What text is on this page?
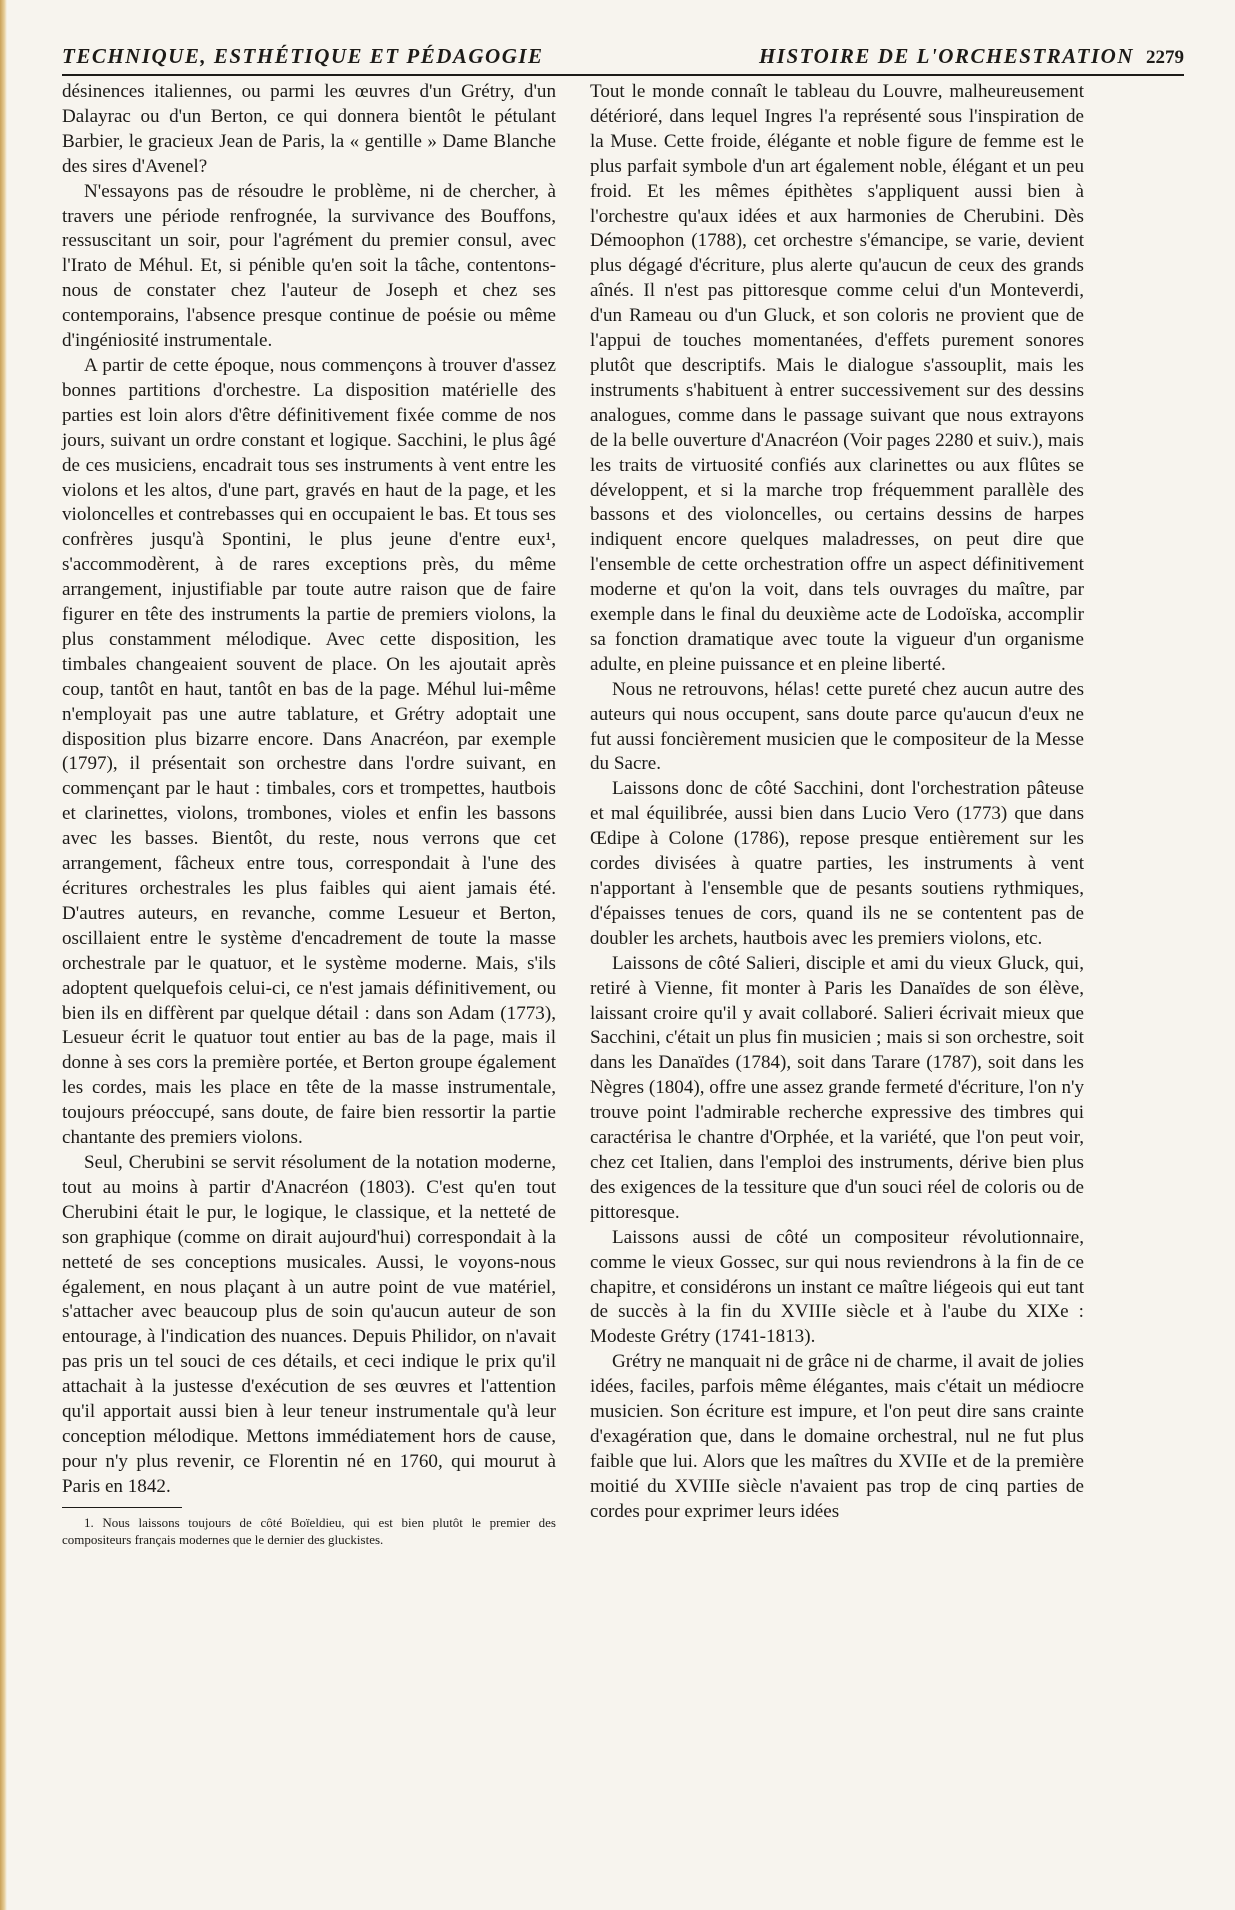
TECHNIQUE, ESTHÉTIQUE ET PÉDAGOGIE	HISTOIRE DE L'ORCHESTRATION 2279

désinences italiennes, ou parmi les œuvres d'un Grétry, d'un Dalayrac ou d'un Berton, ce qui donnera bientôt le pétulant Barbier, le gracieux Jean de Paris, la « gentille » Dame Blanche des sires d'Avenel?

N'essayons pas de résoudre le problème, ni de chercher, à travers une période renfrognée, la survivance des Bouffons, ressuscitant un soir, pour l'agrément du premier consul, avec l'Irato de Méhul. Et, si pénible qu'en soit la tâche, contentons-nous de constater chez l'auteur de Joseph et chez ses contemporains, l'absence presque continue de poésie ou même d'ingéniosité instrumentale.

A partir de cette époque, nous commençons à trouver d'assez bonnes partitions d'orchestre. La disposition matérielle des parties est loin alors d'être définitivement fixée comme de nos jours, suivant un ordre constant et logique. Sacchini, le plus âgé de ces musiciens, encadrait tous ses instruments à vent entre les violons et les altos, d'une part, gravés en haut de la page, et les violoncelles et contrebasses qui en occupaient le bas. Et tous ses confrères jusqu'à Spontini, le plus jeune d'entre eux¹, s'accommodèrent, à de rares exceptions près, du même arrangement, injustifiable par toute autre raison que de faire figurer en tête des instruments la partie de premiers violons, la plus constamment mélodique. Avec cette disposition, les timbales changeaient souvent de place. On les ajoutait après coup, tantôt en haut, tantôt en bas de la page. Méhul lui-même n'employait pas une autre tablature, et Grétry adoptait une disposition plus bizarre encore. Dans Anacréon, par exemple (1797), il présentait son orchestre dans l'ordre suivant, en commençant par le haut : timbales, cors et trompettes, hautbois et clarinettes, violons, trombones, violes et enfin les bassons avec les basses. Bientôt, du reste, nous verrons que cet arrangement, fâcheux entre tous, correspondait à l'une des écritures orchestrales les plus faibles qui aient jamais été. D'autres auteurs, en revanche, comme Lesueur et Berton, oscillaient entre le système d'encadrement de toute la masse orchestrale par le quatuor, et le système moderne. Mais, s'ils adoptent quelquefois celui-ci, ce n'est jamais définitivement, ou bien ils en diffèrent par quelque détail : dans son Adam (1773), Lesueur écrit le quatuor tout entier au bas de la page, mais il donne à ses cors la première portée, et Berton groupe également les cordes, mais les place en tête de la masse instrumentale, toujours préoccupé, sans doute, de faire bien ressortir la partie chantante des premiers violons.

Seul, Cherubini se servit résolument de la notation moderne, tout au moins à partir d'Anacréon (1803). C'est qu'en tout Cherubini était le pur, le logique, le classique, et la netteté de son graphique (comme on dirait aujourd'hui) correspondait à la netteté de ses conceptions musicales. Aussi, le voyons-nous également, en nous plaçant à un autre point de vue matériel, s'attacher avec beaucoup plus de soin qu'aucun auteur de son entourage, à l'indication des nuances. Depuis Philidor, on n'avait pas pris un tel souci de ces détails, et ceci indique le prix qu'il attachait à la justesse d'exécution de ses œuvres et l'attention qu'il apportait aussi bien à leur teneur instrumentale qu'à leur conception mélodique. Mettons immédiatement hors de cause, pour n'y plus revenir, ce Florentin né en 1760, qui mourut à Paris en 1842.

1. Nous laissons toujours de côté Boïeldieu, qui est bien plutôt le premier des compositeurs français modernes que le dernier des gluckistes.

Tout le monde connaît le tableau du Louvre, malheureusement détérioré, dans lequel Ingres l'a représenté sous l'inspiration de la Muse. Cette froide, élégante et noble figure de femme est le plus parfait symbole d'un art également noble, élégant et un peu froid. Et les mêmes épithètes s'appliquent aussi bien à l'orchestre qu'aux idées et aux harmonies de Cherubini. Dès Démoophon (1788), cet orchestre s'émancipe, se varie, devient plus dégagé d'écriture, plus alerte qu'aucun de ceux des grands aînés. Il n'est pas pittoresque comme celui d'un Monteverdi, d'un Rameau ou d'un Gluck, et son coloris ne provient que de l'appui de touches momentanées, d'effets purement sonores plutôt que descriptifs. Mais le dialogue s'assouplit, mais les instruments s'habituent à entrer successivement sur des dessins analogues, comme dans le passage suivant que nous extrayons de la belle ouverture d'Anacréon (Voir pages 2280 et suiv.), mais les traits de virtuosité confiés aux clarinettes ou aux flûtes se développent, et si la marche trop fréquemment parallèle des bassons et des violoncelles, ou certains dessins de harpes indiquent encore quelques maladresses, on peut dire que l'ensemble de cette orchestration offre un aspect définitivement moderne et qu'on la voit, dans tels ouvrages du maître, par exemple dans le final du deuxième acte de Lodoïska, accomplir sa fonction dramatique avec toute la vigueur d'un organisme adulte, en pleine puissance et en pleine liberté.

Nous ne retrouvons, hélas! cette pureté chez aucun autre des auteurs qui nous occupent, sans doute parce qu'aucun d'eux ne fut aussi foncièrement musicien que le compositeur de la Messe du Sacre.

Laissons donc de côté Sacchini, dont l'orchestration pâteuse et mal équilibrée, aussi bien dans Lucio Vero (1773) que dans Œdipe à Colone (1786), repose presque entièrement sur les cordes divisées à quatre parties, les instruments à vent n'apportant à l'ensemble que de pesants soutiens rythmiques, d'épaisses tenues de cors, quand ils ne se contentent pas de doubler les archets, hautbois avec les premiers violons, etc.

Laissons de côté Salieri, disciple et ami du vieux Gluck, qui, retiré à Vienne, fit monter à Paris les Danaïdes de son élève, laissant croire qu'il y avait collaboré. Salieri écrivait mieux que Sacchini, c'était un plus fin musicien ; mais si son orchestre, soit dans les Danaïdes (1784), soit dans Tarare (1787), soit dans les Nègres (1804), offre une assez grande fermeté d'écriture, l'on n'y trouve point l'admirable recherche expressive des timbres qui caractérisa le chantre d'Orphée, et la variété, que l'on peut voir, chez cet Italien, dans l'emploi des instruments, dérive bien plus des exigences de la tessiture que d'un souci réel de coloris ou de pittoresque.

Laissons aussi de côté un compositeur révolutionnaire, comme le vieux Gossec, sur qui nous reviendrons à la fin de ce chapitre, et considérons un instant ce maître liégeois qui eut tant de succès à la fin du XVIIIe siècle et à l'aube du XIXe : Modeste Grétry (1741-1813).

Grétry ne manquait ni de grâce ni de charme, il avait de jolies idées, faciles, parfois même élégantes, mais c'était un médiocre musicien. Son écriture est impure, et l'on peut dire sans crainte d'exagération que, dans le domaine orchestral, nul ne fut plus faible que lui. Alors que les maîtres du XVIIe et de la première moitié du XVIIIe siècle n'avaient pas trop de cinq parties de cordes pour exprimer leurs idées
